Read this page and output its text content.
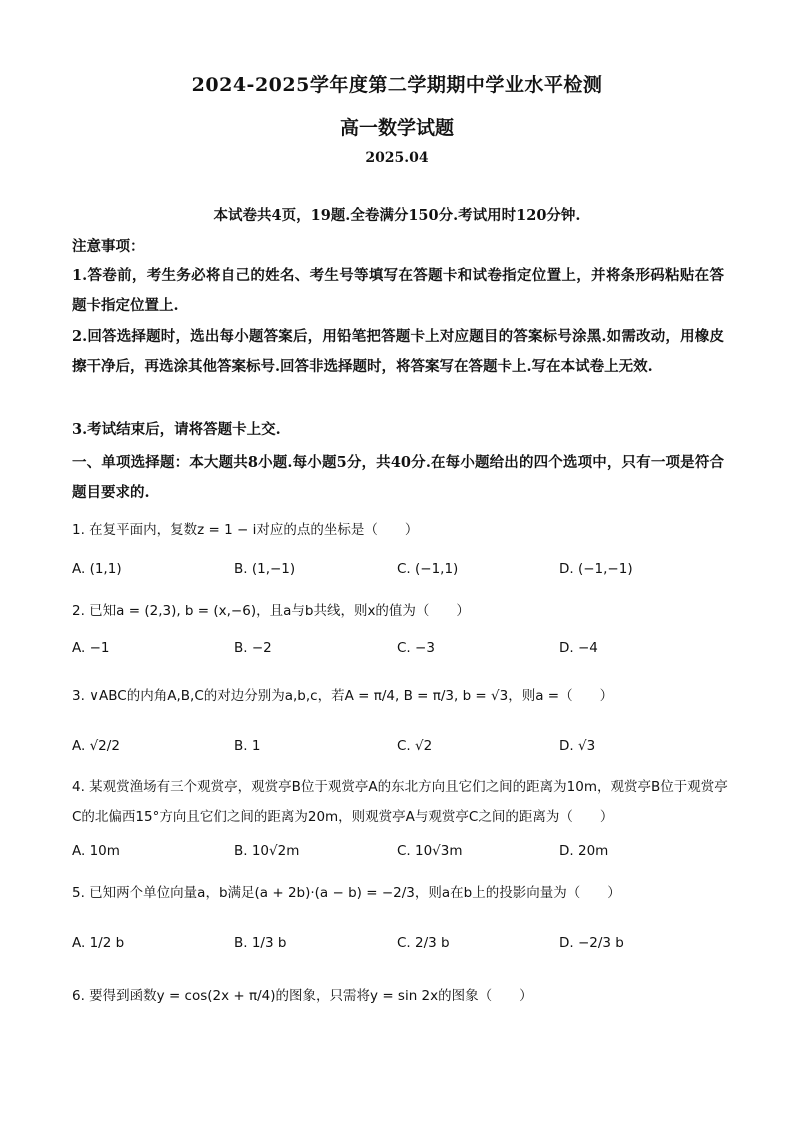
2024-2025学年度第二学期期中学业水平检测
高一数学试题
2025.04
本试卷共4页，19题.全卷满分150分.考试用时120分钟.
注意事项：
1.答卷前，考生务必将自己的姓名、考生号等填写在答题卡和试卷指定位置上，并将条形码粘贴在答题卡指定位置上.
2.回答选择题时，选出每小题答案后，用铅笔把答题卡上对应题目的答案标号涂黑.如需改动，用橡皮擦干净后，再选涂其他答案标号.回答非选择题时，将答案写在答题卡上.写在本试卷上无效.
3.考试结束后，请将答题卡上交.
一、单项选择题：本大题共8小题.每小题5分，共40分.在每小题给出的四个选项中，只有一项是符合题目要求的.
1. 在复平面内，复数z = 1 − i对应的点的坐标是（　　）
A. (1,1)	B. (1,−1)	C. (−1,1)	D. (−1,−1)
2. 已知a = (2,3), b = (x,−6)，且a与b共线，则x的值为（　　）
A. −1	B. −2	C. −3	D. −4
3. ∨ABC的内角A,B,C的对边分别为a,b,c，若A = π/4, B = π/3, b = √3，则a =（　　）
A. √2/2	B. 1	C. √2	D. √3
4. 某观赏渔场有三个观赏亭，观赏亭B位于观赏亭A的东北方向且它们之间的距离为10m，观赏亭B位于观赏亭C的北偏西15°方向且它们之间的距离为20m，则观赏亭A与观赏亭C之间的距离为（　　）
A. 10m	B. 10√2m	C. 10√3m	D. 20m
5. 已知两个单位向量a，b满足(a + 2b)·(a − b) = −2/3，则a在b上的投影向量为（　　）
A. 1/2 b	B. 1/3 b	C. 2/3 b	D. −2/3 b
6. 要得到函数y = cos(2x + π/4)的图象，只需将y = sin 2x的图象（　　）
